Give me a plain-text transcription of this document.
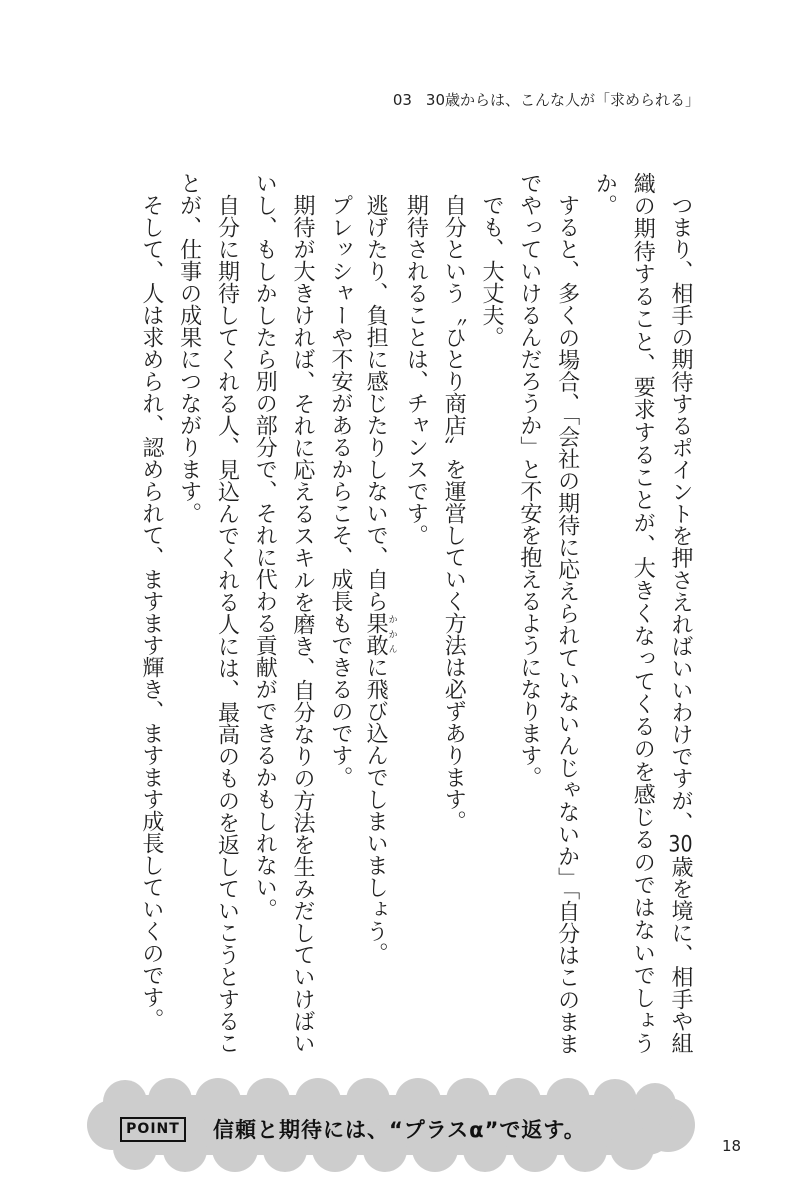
03 30歳からは、こんな人が「求められる」
つまり、相手の期待するポイントを押さえればいいわけですが、30歳を境に、相手や組
織の期待すること、要求することが、大きくなってくるのを感じるのではないでしょう
か。
すると、多くの場合、「会社の期待に応えられていないんじゃないか」「自分はこのまま
でやっていけるんだろうか」と不安を抱えるようになります。
でも、大丈夫。
自分という〝ひとり商店〟を運営していく方法は必ずあります。
期待されることは、チャンスです。
逃げたり、負担に感じたりしないで、自ら果敢かかんに飛び込んでしまいましょう。
プレッシャーや不安があるからこそ、成長もできるのです。
期待が大きければ、それに応えるスキルを磨き、自分なりの方法を生みだしていけばい
いし、もしかしたら別の部分で、それに代わる貢献ができるかもしれない。
自分に期待してくれる人、見込んでくれる人には、最高のものを返していこうとするこ
とが、仕事の成果につながります。
そして、人は求められ、認められて、ますます輝き、ますます成長していくのです。
POINT 信頼と期待には、“プラスα”で返す。
18
